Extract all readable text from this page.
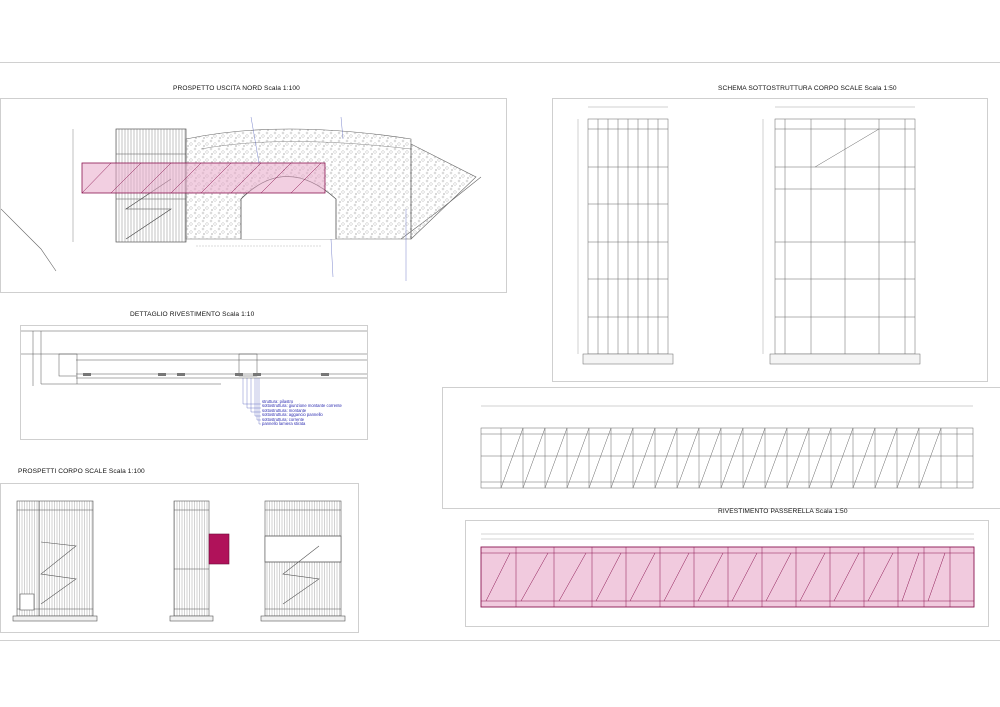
PROSPETTO USCITA NORD Scala 1:100	SCHEMA SOTTOSTRUTTURA CORPO SCALE Scala 1:50
DETTAGLIO RIVESTIMENTO Scala 1:10
struttura: pilastro
sottostruttura: giunzione montante corrente
sottostruttura: montante
sottostruttura: aggancio pannello
sottostruttura: corrente
pannello lamiera stirata
PROSPETTI CORPO SCALE Scala 1:100
RIVESTIMENTO PASSERELLA Scala 1:50
